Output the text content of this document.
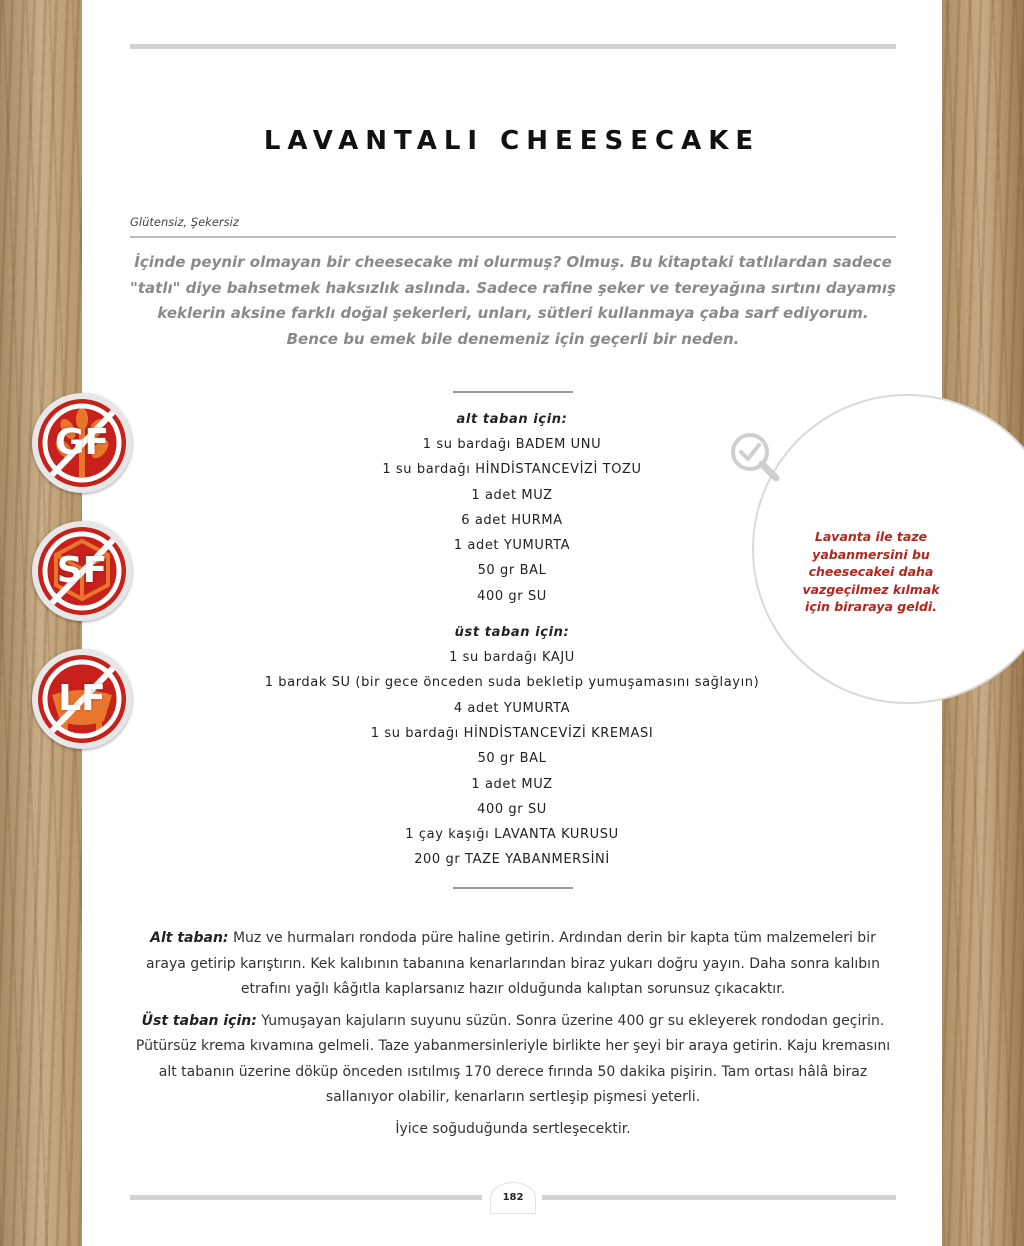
LAVANTALI CHEESECAKE
Glütensiz, Şekersiz
İçinde peynir olmayan bir cheesecake mi olurmuş? Olmuş. Bu kitaptaki tatlılardan sadece
"tatlı" diye bahsetmek haksızlık aslında. Sadece rafine şeker ve tereyağına sırtını dayamış
keklerin aksine farklı doğal şekerleri, unları, sütleri kullanmaya çaba sarf ediyorum.
Bence bu emek bile denemeniz için geçerli bir neden.
alt taban için:
1 su bardağı BADEM UNU
1 su bardağı HİNDİSTANCEVİZİ TOZU
1 adet MUZ
6 adet HURMA
1 adet YUMURTA
50 gr BAL
400 gr SU
üst taban için:
1 su bardağı KAJU
1 bardak SU (bir gece önceden suda bekletip yumuşamasını sağlayın)
4 adet YUMURTA
1 su bardağı HİNDİSTANCEVİZİ KREMASI
50 gr BAL
1 adet MUZ
400 gr SU
1 çay kaşığı LAVANTA KURUSU
200 gr TAZE YABANMERSİNİ

Alt taban: Muz ve hurmaları rondoda püre haline getirin. Ardından derin bir kapta tüm malzemeleri bir araya getirip karıştırın. Kek kalıbının tabanına kenarlarından biraz yukarı doğru yayın. Daha sonra kalıbın etrafını yağlı kâğıtla kaplarsanız hazır olduğunda kalıptan sorunsuz çıkacaktır.

Üst taban için: Yumuşayan kajuların suyunu süzün. Sonra üzerine 400 gr su ekleyerek rondodan geçirin. Pütürsüz krema kıvamına gelmeli. Taze yabanmersinleriyle birlikte her şeyi bir araya getirin. Kaju kremasını alt tabanın üzerine döküp önceden ısıtılmış 170 derece fırında 50 dakika pişirin. Tam ortası hâlâ biraz sallanıyor olabilir, kenarların sertleşip pişmesi yeterli.

İyice soğuduğunda sertleşecektir.

182
Lavanta ile taze yabanmersini bu cheesecakei daha vazgeçilmez kılmak için biraraya geldi.
GF
SF
LF
